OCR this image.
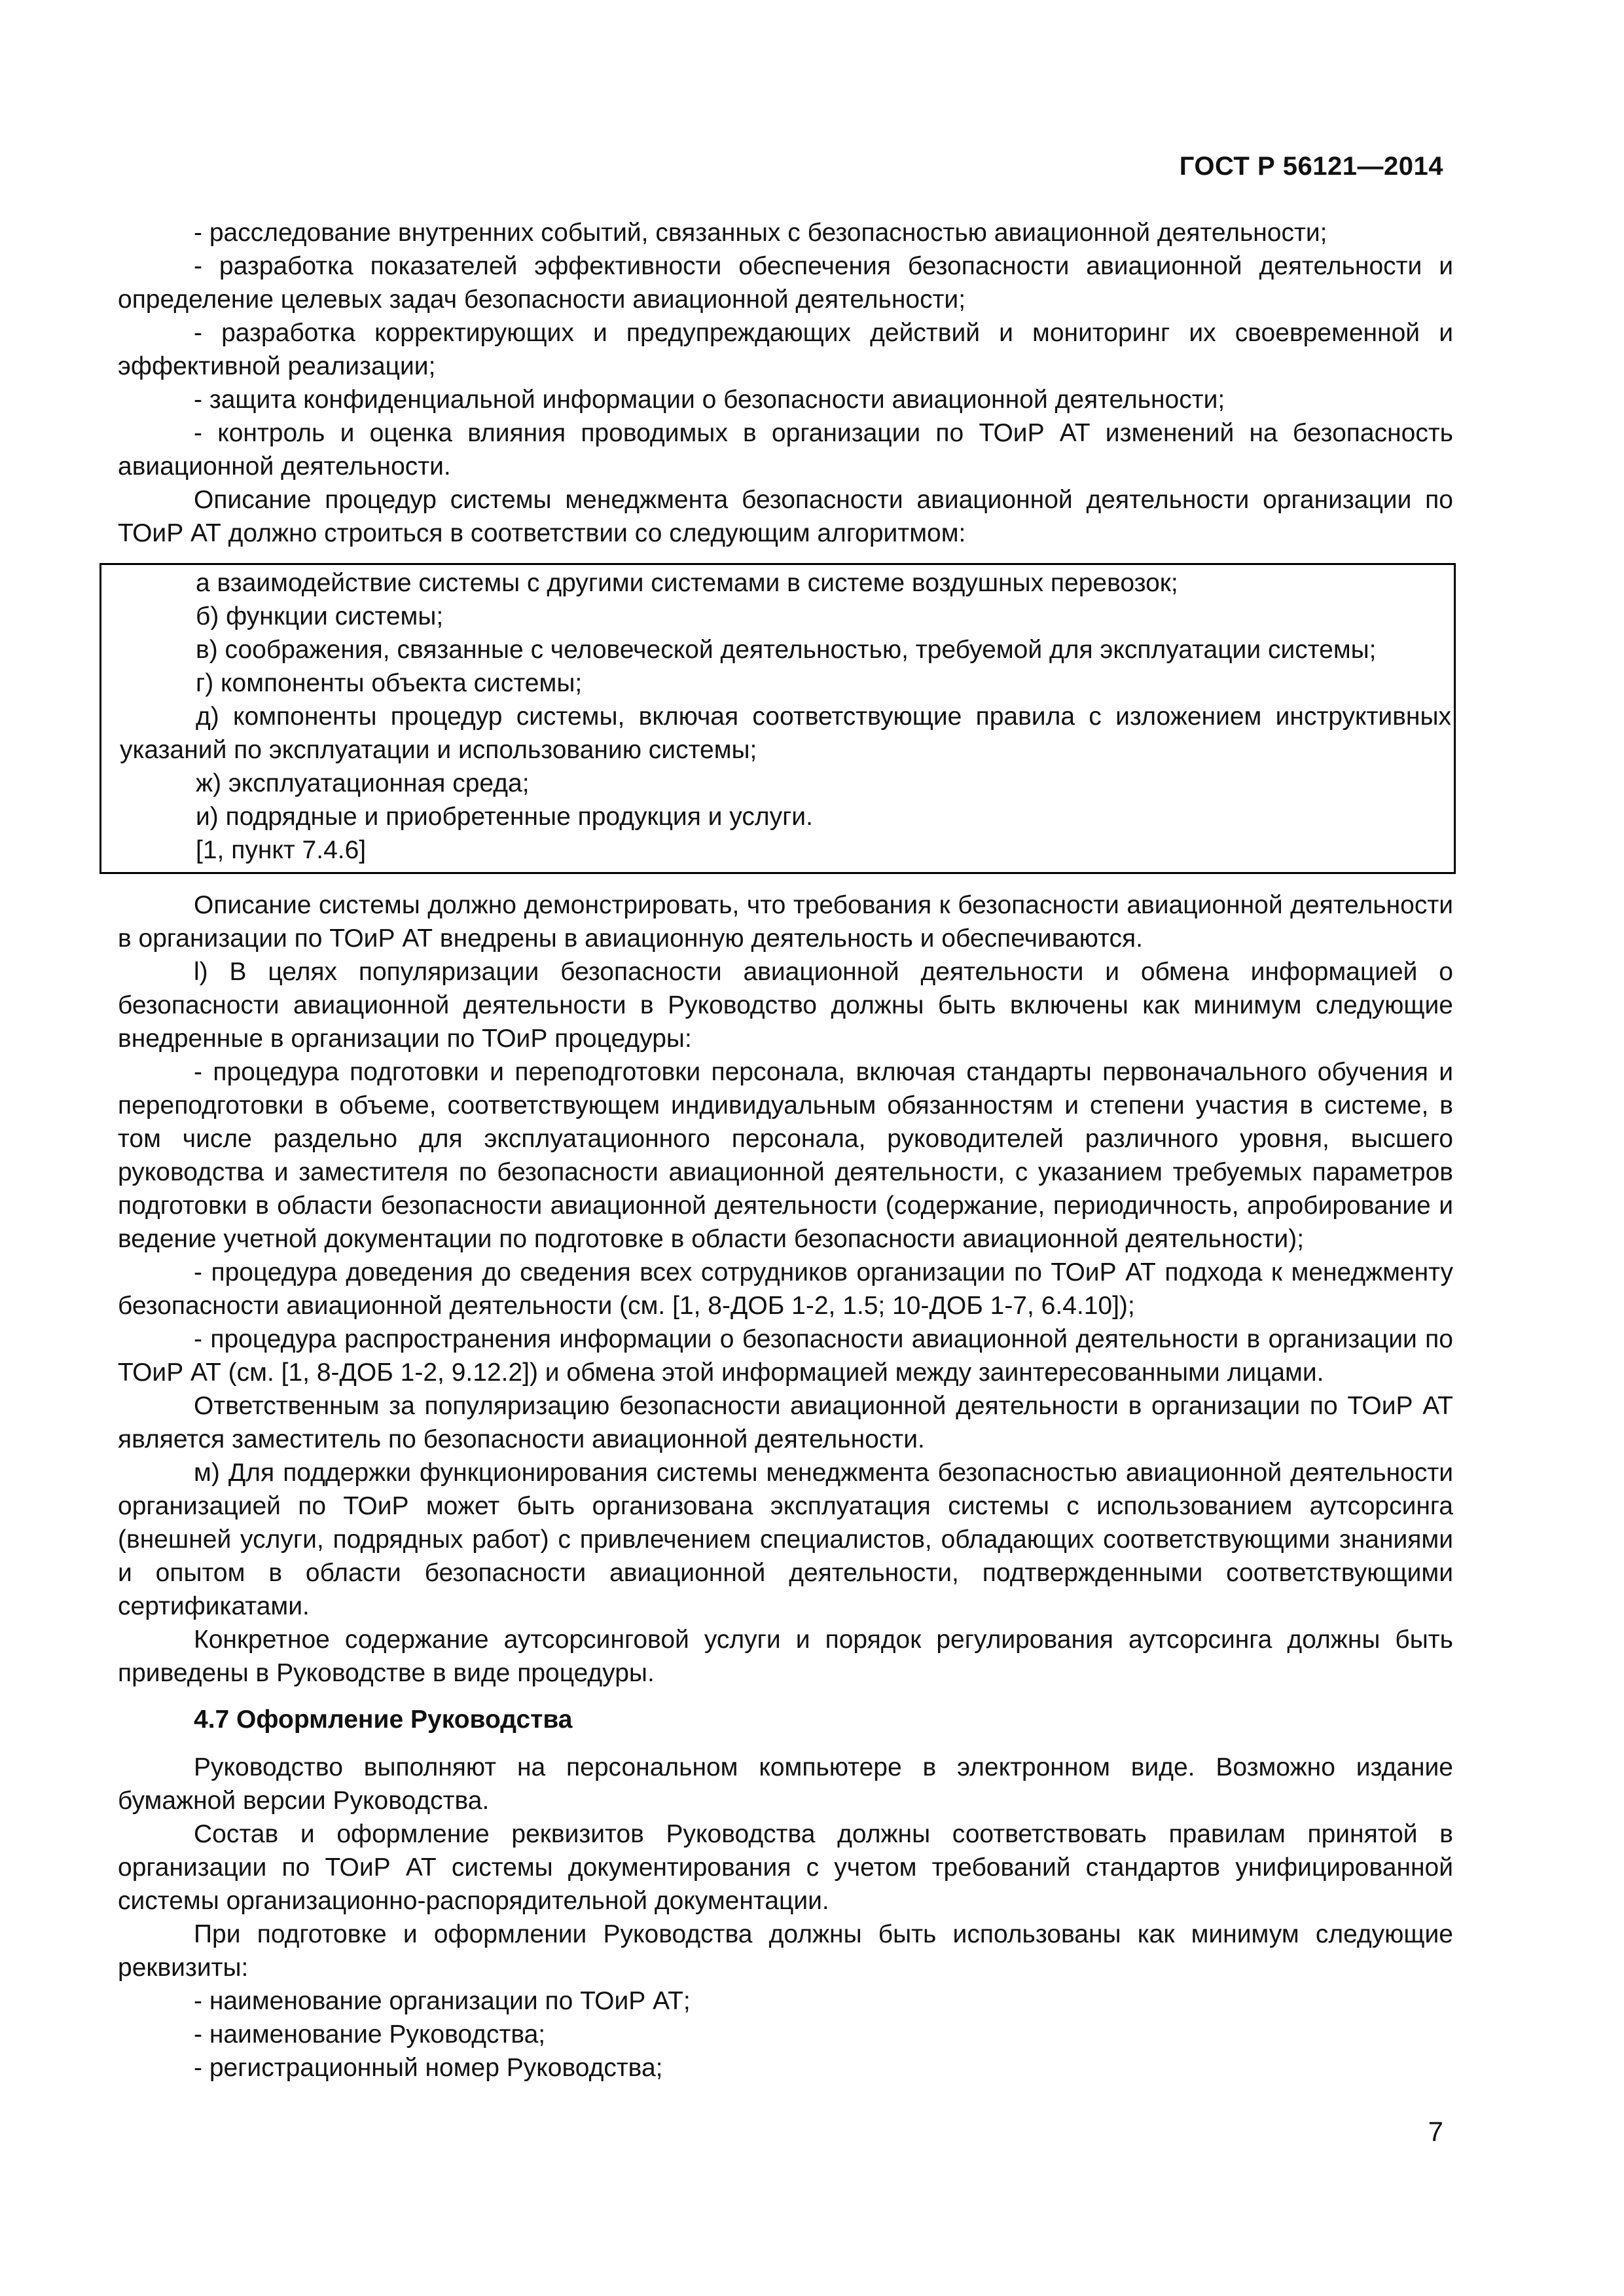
ГОСТ Р 56121—2014

- расследование внутренних событий, связанных с безопасностью авиационной деятельности;

- разработка показателей эффективности обеспечения безопасности авиационной деятельности и определение целевых задач безопасности авиационной деятельности;

- разработка корректирующих и предупреждающих действий и мониторинг их своевременной и эффективной реализации;

- защита конфиденциальной информации о безопасности авиационной деятельности;

- контроль и оценка влияния проводимых в организации по ТОиР АТ изменений на безопасность авиационной деятельности.

Описание процедур системы менеджмента безопасности авиационной деятельности организации по ТОиР АТ должно строиться в соответствии со следующим алгоритмом:

а взаимодействие системы с другими системами в системе воздушных перевозок;

б) функции системы;

в) соображения, связанные с человеческой деятельностью, требуемой для эксплуатации системы;

г) компоненты объекта системы;

д) компоненты процедур системы, включая соответствующие правила с изложением инструктивных указаний по эксплуатации и использованию системы;

ж) эксплуатационная среда;

и) подрядные и приобретенные продукция и услуги.

[1, пункт 7.4.6]

Описание системы должно демонстрировать, что требования к безопасности авиационной деятельности в организации по ТОиР АТ внедрены в авиационную деятельность и обеспечиваются.

l) В целях популяризации безопасности авиационной деятельности и обмена информацией о безопасности авиационной деятельности в Руководство должны быть включены как минимум следующие внедренные в организации по ТОиР процедуры:

- процедура подготовки и переподготовки персонала, включая стандарты первоначального обучения и переподготовки в объеме, соответствующем индивидуальным обязанностям и степени участия в системе, в том числе раздельно для эксплуатационного персонала, руководителей различного уровня, высшего руководства и заместителя по безопасности авиационной деятельности, с указанием требуемых параметров подготовки в области безопасности авиационной деятельности (содержание, периодичность, апробирование и ведение учетной документации по подготовке в области безопасности авиационной деятельности);

- процедура доведения до сведения всех сотрудников организации по ТОиР АТ подхода к менеджменту безопасности авиационной деятельности (см. [1, 8-ДОБ 1-2, 1.5; 10-ДОБ 1-7, 6.4.10]);

- процедура распространения информации о безопасности авиационной деятельности в организации по ТОиР АТ (см. [1, 8-ДОБ 1-2, 9.12.2]) и обмена этой информацией между заинтересованными лицами.

Ответственным за популяризацию безопасности авиационной деятельности в организации по ТОиР АТ является заместитель по безопасности авиационной деятельности.

м) Для поддержки функционирования системы менеджмента безопасностью авиационной деятельности организацией по ТОиР может быть организована эксплуатация системы с использованием аутсорсинга (внешней услуги, подрядных работ) с привлечением специалистов, обладающих соответствующими знаниями и опытом в области безопасности авиационной деятельности, подтвержденными соответствующими сертификатами.

Конкретное содержание аутсорсинговой услуги и порядок регулирования аутсорсинга должны быть приведены в Руководстве в виде процедуры.

4.7 Оформление Руководства

Руководство выполняют на персональном компьютере в электронном виде. Возможно издание бумажной версии Руководства.

Состав и оформление реквизитов Руководства должны соответствовать правилам принятой в организации по ТОиР АТ системы документирования с учетом требований стандартов унифицированной системы организационно-распорядительной документации.

При подготовке и оформлении Руководства должны быть использованы как минимум следующие реквизиты:

- наименование организации по ТОиР АТ;

- наименование Руководства;

- регистрационный номер Руководства;

7
